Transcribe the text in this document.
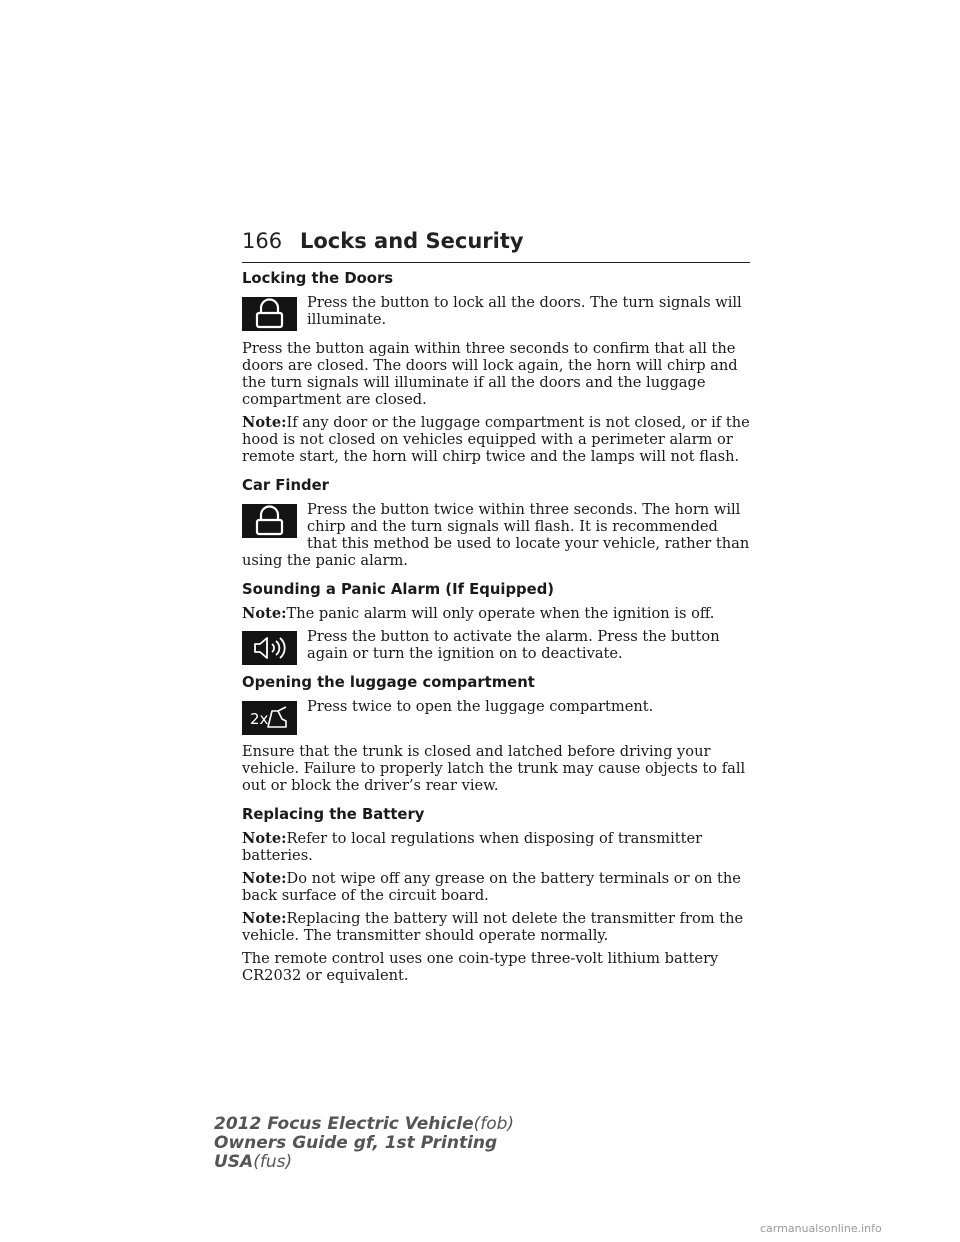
166 Locks and Security
Locking the Doors

Press the button to lock all the doors. The turn signals will illuminate.

Press the button again within three seconds to confirm that all the doors are closed. The doors will lock again, the horn will chirp and the turn signals will illuminate if all the doors and the luggage compartment are closed.

Note:If any door or the luggage compartment is not closed, or if the hood is not closed on vehicles equipped with a perimeter alarm or remote start, the horn will chirp twice and the lamps will not flash.

Car Finder

Press the button twice within three seconds. The horn will chirp and the turn signals will flash. It is recommended that this method be used to locate your vehicle, rather than using the panic alarm.

Sounding a Panic Alarm (If Equipped)

Note:The panic alarm will only operate when the ignition is off.

Press the button to activate the alarm. Press the button again or turn the ignition on to deactivate.

Opening the luggage compartment
2x

Press twice to open the luggage compartment.

Ensure that the trunk is closed and latched before driving your vehicle. Failure to properly latch the trunk may cause objects to fall out or block the driver’s rear view.

Replacing the Battery

Note:Refer to local regulations when disposing of transmitter batteries.

Note:Do not wipe off any grease on the battery terminals or on the back surface of the circuit board.

Note:Replacing the battery will not delete the transmitter from the vehicle. The transmitter should operate normally.

The remote control uses one coin-type three-volt lithium battery CR2032 or equivalent.

2012 Focus Electric Vehicle(fob)
Owners Guide gf, 1st Printing
USA(fus)
carmanualsonline.info
